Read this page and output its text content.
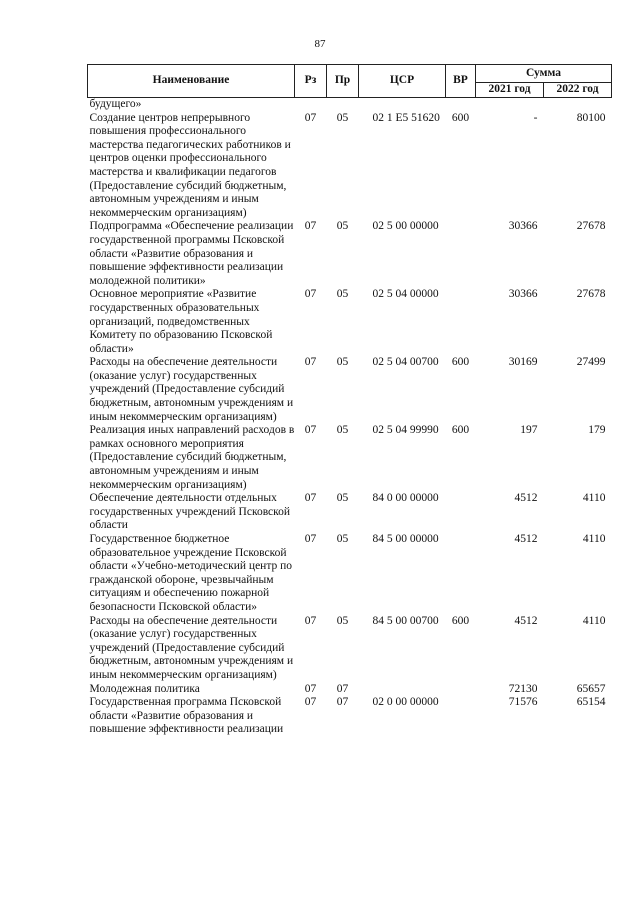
87
Наименование	Рз	Пр	ЦСР	ВР	Сумма	
					2021 год	2022 год
будущего»						
Создание центров непрерывного повышения профессионального мастерства педагогических работников и центров оценки профессионального мастерства и квалификации педагогов (Предоставление субсидий бюджетным, автономным учреждениям и иным некоммерческим организациям)	07	05	02 1 E5 51620	600	-	80100
Подпрограмма «Обеспечение реализации государственной программы Псковской области «Развитие образования и повышение эффективности реализации молодежной политики»	07	05	02 5 00 00000		30366	27678
Основное мероприятие «Развитие государственных образовательных организаций, подведомственных Комитету по образованию Псковской области»	07	05	02 5 04 00000		30366	27678
Расходы на обеспечение деятельности (оказание услуг) государственных учреждений (Предоставление субсидий бюджетным, автономным учреждениям и иным некоммерческим организациям)	07	05	02 5 04 00700	600	30169	27499
Реализация иных направлений расходов в рамках основного мероприятия (Предоставление субсидий бюджетным, автономным учреждениям и иным некоммерческим организациям)	07	05	02 5 04 99990	600	197	179
Обеспечение деятельности отдельных государственных учреждений Псковской области	07	05	84 0 00 00000		4512	4110
Государственное бюджетное образовательное учреждение Псковской области «Учебно-методический центр по гражданской обороне, чрезвычайным ситуациям и обеспечению пожарной безопасности Псковской области»	07	05	84 5 00 00000		4512	4110
Расходы на обеспечение деятельности (оказание услуг) государственных учреждений (Предоставление субсидий бюджетным, автономным учреждениям и иным некоммерческим организациям)	07	05	84 5 00 00700	600	4512	4110
Молодежная политика	07	07			72130	65657
Государственная программа Псковской области «Развитие образования и повышение эффективности реализации	07	07	02 0 00 00000		71576	65154
